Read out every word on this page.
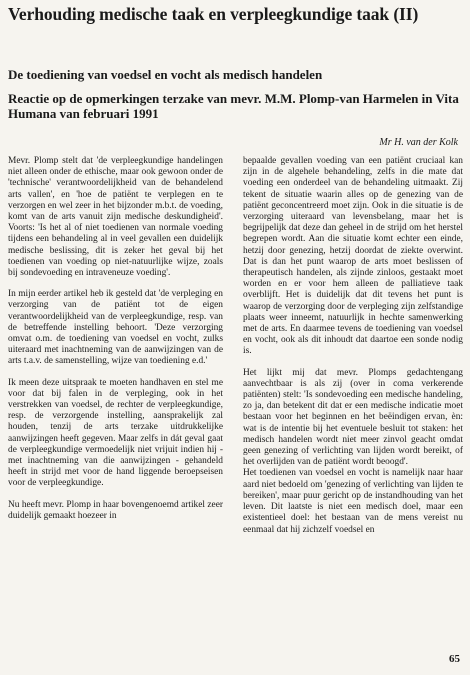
Verhouding medische taak en verpleegkundige taak (II)
De toediening van voedsel en vocht als medisch handelen
Reactie op de opmerkingen terzake van mevr. M.M. Plomp-van Harmelen in Vita Humana van februari 1991
Mr H. van der Kolk

Mevr. Plomp stelt dat 'de verpleegkundige handelingen niet alleen onder de ethische, maar ook gewoon onder de 'technische' verantwoordelijkheid van de behandelend arts vallen', en 'hoe de patiënt te verplegen en te verzorgen en wel zeer in het bijzonder m.b.t. de voeding, komt van de arts vanuit zijn medische deskundigheid'. Voorts: 'Is het al of niet toedienen van normale voeding tijdens een behandeling al in veel gevallen een duidelijk medische beslissing, dit is zeker het geval bij het toedienen van voeding op niet-natuurlijke wijze, zoals bij sondevoeding en intraveneuze voeding'.

In mijn eerder artikel heb ik gesteld dat 'de verpleging en verzorging van de patiënt tot de eigen verantwoordelijkheid van de verpleegkundige, resp. van de betreffende instelling behoort. 'Deze verzorging omvat o.m. de toediening van voedsel en vocht, zulks uiteraard met inachtneming van de aanwijzingen van de arts t.a.v. de samenstelling, wijze van toediening e.d.'

Ik meen deze uitspraak te moeten handhaven en stel me voor dat bij falen in de verpleging, ook in het verstrekken van voedsel, de rechter de verpleegkundige, resp. de verzorgende instelling, aansprakelijk zal houden, tenzij de arts terzake uitdrukkelijke aanwijzingen heeft gegeven. Maar zelfs in dát geval gaat de verpleegkundige vermoedelijk niet vrijuit indien hij - met inachtneming van die aanwijzingen - gehandeld heeft in strijd met voor de hand liggende beroepseisen voor de verpleegkundige.

Nu heeft mevr. Plomp in haar bovengenoemd artikel zeer duidelijk gemaakt hoezeer in

bepaalde gevallen voeding van een patiënt cruciaal kan zijn in de algehele behandeling, zelfs in die mate dat voeding een onderdeel van de behandeling uitmaakt. Zij tekent de situatie waarin alles op de genezing van de patiënt geconcentreerd moet zijn. Ook in die situatie is de verzorging uiteraard van levensbelang, maar het is begrijpelijk dat deze dan geheel in de strijd om het herstel begrepen wordt. Aan die situatie komt echter een einde, hetzij door genezing, hetzij doordat de ziekte overwint. Dat is dan het punt waarop de arts moet beslissen of therapeutisch handelen, als zijnde zinloos, gestaakt moet worden en er voor hem alleen de palliatieve taak overblijft. Het is duidelijk dat dit tevens het punt is waarop de verzorging door de verpleging zijn zelfstandige plaats weer inneemt, natuurlijk in hechte samenwerking met de arts. En daarmee tevens de toediening van voedsel en vocht, ook als dit inhoudt dat daartoe een sonde nodig is.

Het lijkt mij dat mevr. Plomps gedachtengang aanvechtbaar is als zij (over in coma verkerende patiënten) stelt: 'Is sondevoeding een medische handeling, zo ja, dan betekent dit dat er een medische indicatie moet bestaan voor het beginnen en het beëindigen ervan, èn: wat is de intentie bij het eventuele besluit tot staken: het medisch handelen wordt niet meer zinvol geacht omdat geen genezing of verlichting van lijden wordt bereikt, of het overlijden van de patiënt wordt beoogd'.

Het toedienen van voedsel en vocht is namelijk naar haar aard niet bedoeld om 'genezing of verlichting van lijden te bereiken', maar puur gericht op de instandhouding van het leven. Dit laatste is niet een medisch doel, maar een existentieel doel: het bestaan van de mens vereist nu eenmaal dat hij zichzelf voedsel en

65
